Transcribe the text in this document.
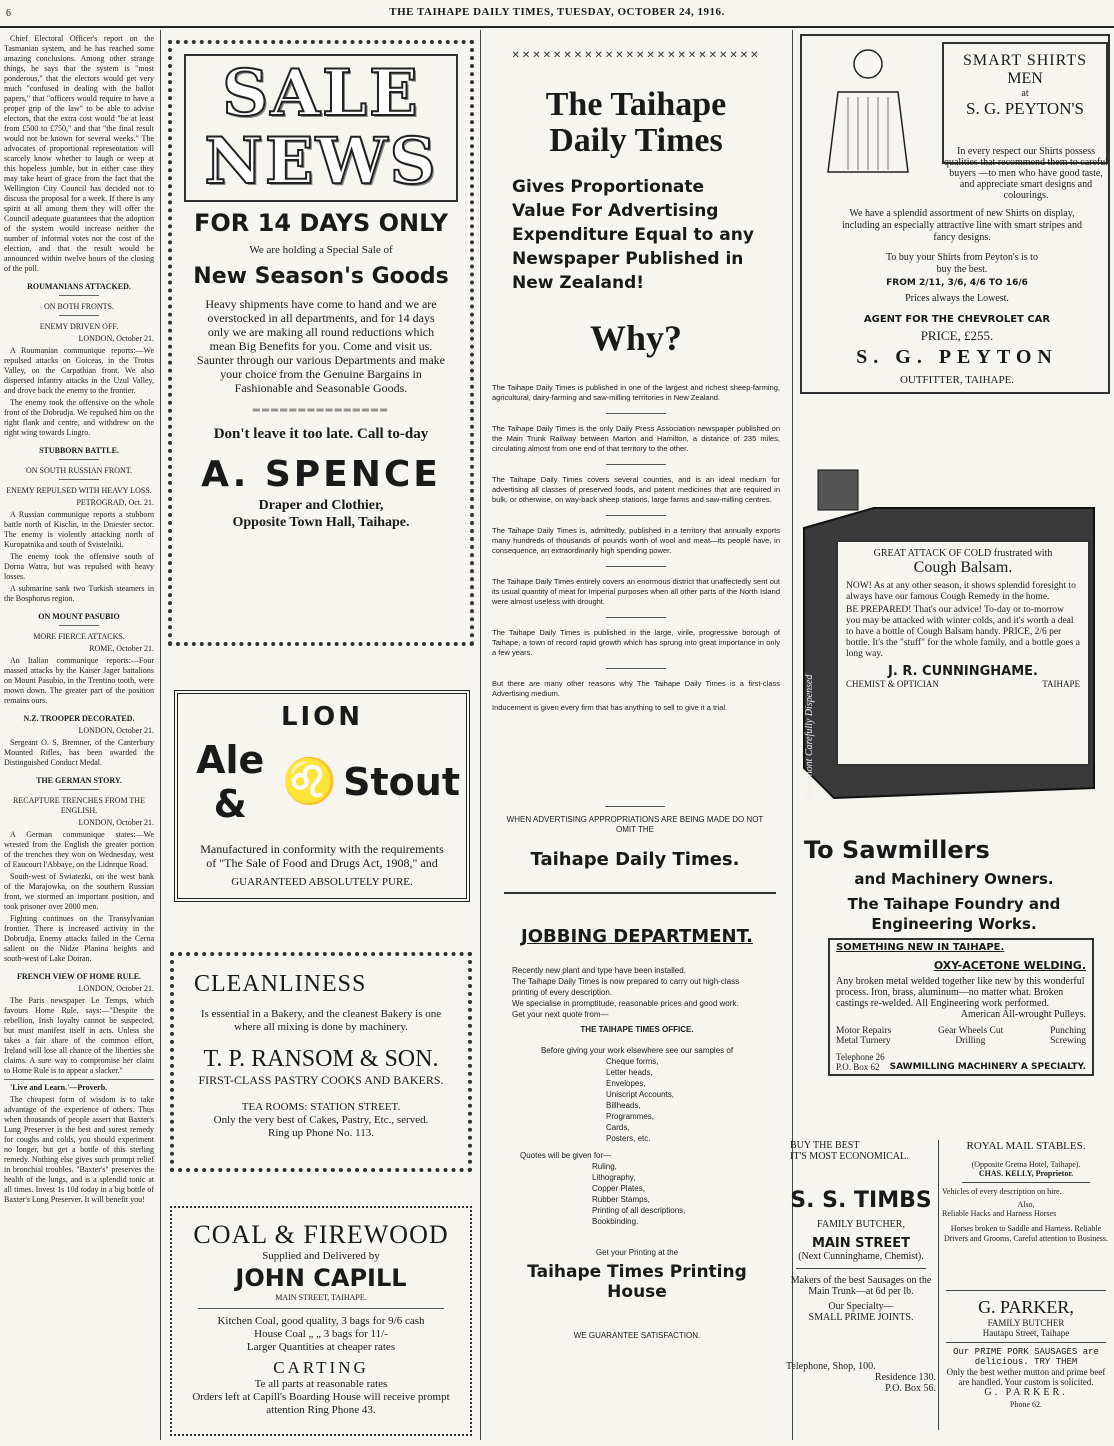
6	THE TAIHAPE DAILY TIMES, TUESDAY, OCTOBER 24, 1916.

Chief Electoral Officer's report on the Tasmanian system, and he has reached some amazing conclusions. Among other strange things, he says that the system is "most ponderous," that the electors would get very much "confused in dealing with the ballot papers," that "officers would require to have a proper grip of the law" to be able to advise electors, that the extra cost would "be at least from £500 to £750," and that "the final result would not be known for several weeks." The advocates of proportional representation will scarcely know whether to laugh or weep at this hopeless jumble, but in either case they may take heart of grace from the fact that the Wellington City Council has decided not to discuss the proposal for a week. If there is any spirit at all among them they will offer the Council adequate guarantees that the adoption of the system would increase neither the number of informal votes nor the cost of the election, and that the result would be announced within twelve hours of the closing of the poll.

ROUMANIANS ATTACKED.
ON BOTH FRONTS.
ENEMY DRIVEN OFF.
LONDON, October 21.

A Roumanian communique reports:—We repulsed attacks on Goiceas, in the Trotus Valley, on the Carpathian front. We also dispersed infantry attacks in the Uzul Valley, and drove back the enemy to the frontier.

The enemy took the offensive on the whole front of the Dobrudja. We repulsed him on the right flank and centre, and withdrew on the right wing towards Lingro.

STUBBORN BATTLE.
ON SOUTH RUSSIAN FRONT.
ENEMY REPULSED WITH HEAVY LOSS.
PETROGRAD, Oct. 21.

A Russian communique reports a stubborn battle north of Kisclin, in the Dniester sector. The enemy is violently attacking north of Kuropatnika and south of Svistelniki.

The enemy took the offensive south of Dorna Watra, but was repulsed with heavy losses.

A submarine sank two Turkish steamers in the Bosphorus region.

ON MOUNT PASUBIO
MORE FIERCE ATTACKS.
ROME, October 21.

An Italian communique reports:—Four massed attacks by the Kaiser Jager battalions on Mount Pasubio, in the Trentino tooth, were mown down. The greater part of the position remains ours.

N.Z. TROOPER DECORATED.
LONDON, October 21.

Sergeant O. S. Bremner, of the Canterbury Mounted Rifles, has been awarded the Distinguished Conduct Medal.

THE GERMAN STORY.
RECAPTURE TRENCHES FROM THE ENGLISH.
LONDON, October 21.

A German communique states:—We wrested from the English the greater portion of the trenches they won on Wednesday, west of Eaucourt l'Abbaye, on the Lidnrque Road.

South-west of Swiatezki, on the west bank of the Marajowka, on the southern Russian front, we stormed an important position, and took prisoner over 2000 men.

Fighting continues on the Transylvanian frontier. There is increased activity in the Dobrudja. Enemy attacks failed in the Cerna salient on the Nidze Planina heights and south-west of Lake Doiran.

FRENCH VIEW OF HOME RULE.
LONDON, October 21.

The Paris newspaper Le Temps, which favours Home Rule, says:—"Despite the rebellion, Irish loyalty cannot be suspected, but must manifest itself in acts. Unless she takes a fair share of the common effort, Ireland will lose all chance of the liberties she claims. A sure way to compromise her claim to Home Rule is to appear a slacker."

'Live and Learn.'—Proverb.

The cheapest form of wisdom is to take advantage of the experience of others. Thus when thousands of people assert that Baxter's Lung Preserver is the best and surest remedy for coughs and colds, you should experiment no longer, but get a bottle of this sterling remedy. Nothing else gives such prompt relief in bronchial troubles. "Baxter's" preserves the health of the lungs, and is a splendid tonic at all times. Invest 1s 10d today in a big bottle of Baxter's Lung Preserver. It will benefit you!

SALE
NEWS
FOR 14 DAYS ONLY
We are holding a Special Sale of
New Season's Goods
Heavy shipments have come to hand and we are overstocked in all departments, and for 14 days only we are making all round reductions which mean Big Benefits for you. Come and visit us. Saunter through our various Departments and make your choice from the Genuine Bargains in Fashionable and Seasonable Goods.
═══════════════
Don't leave it too late. Call to-day
A. SPENCE
Draper and Clothier,
Opposite Town Hall, Taihape.
LION
Ale & ♌ Stout
Manufactured in conformity with the requirements of "The Sale of Food and Drugs Act, 1908," and
GUARANTEED ABSOLUTELY PURE.
CLEANLINESS
Is essential in a Bakery, and the cleanest Bakery is one where all mixing is done by machinery.
T. P. RANSOM & SON.
FIRST-CLASS PASTRY COOKS AND BAKERS.
TEA ROOMS: STATION STREET.
Only the very best of Cakes, Pastry, Etc., served.
Ring up Phone No. 113.
COAL & FIREWOOD
Supplied and Delivered by
JOHN CAPILL
MAIN STREET, TAIHAPE.
Kitchen Coal, good quality, 3 bags for 9/6 cash
House Coal „ „ 3 bags for 11/-
Larger Quantities at cheaper rates
CARTING
Te all parts at reasonable rates
Orders left at Capill's Boarding House will receive prompt attention Ring Phone 43.
✕✕✕✕✕✕✕✕✕✕✕✕✕✕✕✕✕✕✕✕✕✕✕✕
The Taihape
Daily Times
Gives Proportionate Value For Advertising Expenditure Equal to any Newspaper Published in New Zealand!
Why?

The Taihape Daily Times is published in one of the largest and richest sheep-farming, agricultural, dairy-farming and saw-milling territories in New Zealand.

The Taihape Daily Times is the only Daily Press Association newspaper published on the Main Trunk Railway between Marton and Hamilton, a distance of 235 miles, circulating almost from one end of that territory to the other.

The Taihape Daily Times covers several counties, and is an ideal medium for advertising all classes of preserved foods, and patent medicines that are required in bulk, or otherwise, on way-back sheep stations, large farms and saw-milling centres.

The Taihape Daily Times is, admittedly, published in a territory that annually exports many hundreds of thousands of pounds worth of wool and meat—its people have, in consequence, an extraordinarily high spending power.

The Taihape Daily Times entirely covers an enormous district that unaffectedly sent out its usual quantity of meat for Imperial purposes when all other parts of the North Island were almost useless with drought.

The Taihape Daily Times is published in the large, virile, progressive borough of Taihape, a town of record rapid growth which has sprung into great importance in only a few years.

But there are many other reasons why The Taihape Daily Times is a first-class Advertising medium.

Inducement is given every firm that has anything to sell to give it a trial.

WHEN ADVERTISING APPROPRIATIONS ARE BEING MADE DO NOT OMIT THE
Taihape Daily Times.
JOBBING DEPARTMENT.
Recently new plant and type have been installed.
The Taihape Daily Times is now prepared to carry out high-class printing of every description.
We specialise in promptitude, reasonable prices and good work.
Get your next quote from—
THE TAIHAPE TIMES OFFICE.
Before giving your work elsewhere see our samples of
Cheque forms,
Letter heads,
Envelopes,
Uniscript Accounts,
Billheads,
Programmes,
Cards,
Posters, etc.
Quotes will be given for—
Ruling,
Lithography,
Copper Plates,
Rubber Stamps,
Printing of all descriptions,
Bookbinding.
Get your Printing at the
Taihape Times Printing House
WE GUARANTEE SATISFACTION.
SMART SHIRTS
MEN
at
S. G. PEYTON'S
In every respect our Shirts possess qualities that recommend them to careful buyers —to men who have good taste, and appreciate smart designs and colourings.
We have a splendid assortment of new Shirts on display, including an especially attractive line with smart stripes and fancy designs.
To buy your Shirts from Peyton's is to buy the best.
FROM 2/11, 3/6, 4/6 TO 16/6
Prices always the Lowest.
AGENT FOR THE CHEVROLET CAR
PRICE, £255.
S. G. PEYTON
OUTFITTER, TAIHAPE.
Rosemont Carefully Dispensed
GREAT ATTACK OF COLD frustrated with
Cough Balsam.
NOW! As at any other season, it shows splendid foresight to always have our famous Cough Remedy in the home.
BE PREPARED! That's our advice! To-day or to-morrow you may be attacked with winter colds, and it's worth a deal to have a bottle of Cough Balsam handy. PRICE, 2/6 per bottle. It's the "stuff" for the whole family, and a bottle goes a long way.
J. R. CUNNINGHAME.
CHEMIST & OPTICIAN	TAIHAPE
To Sawmillers
and Machinery Owners.
The Taihape Foundry and Engineering Works.
SOMETHING NEW IN TAIHAPE.
OXY-ACETONE WELDING.
Any broken metal welded together like new by this wonderful process. Iron, brass, aluminum—no matter what. Broken castings re-welded. All Engineering work performed.
American All-wrought Pulleys.
Motor Repairs	Gear Wheels Cut	Punching
Metal Turnery	Drilling	Screwing
Telephone 26
P.O. Box 62	SAWMILLING MACHINERY A SPECIALTY.
BUY THE BEST
IT'S MOST ECONOMICAL.
S. S. TIMBS
FAMILY BUTCHER,
MAIN STREET
(Next Cunninghame, Chemist).
Makers of the best Sausages on the Main Trunk—at 6d per lb.
Our Specialty—
SMALL PRIME JOINTS.
Telephone, Shop, 100.
Residence 130.
P.O. Box 56.
ROYAL MAIL STABLES.
(Opposite Gretna Hotel, Taihape).
CHAS. KELLY, Proprietor.
Vehicles of every description on hire.
Also,
Reliable Hacks and Harness Horses
Horses broken to Saddle and Harness. Reliable Drivers and Grooms. Careful attention to Business.
G. PARKER,
FAMILY BUTCHER
Hautapu Street, Taihape
Our PRIME PORK SAUSAGES are delicious. TRY THEM
Only the best wether mutton and prime beef are handled. Your custom is solicited.
G. PARKER.
Phone 62.
